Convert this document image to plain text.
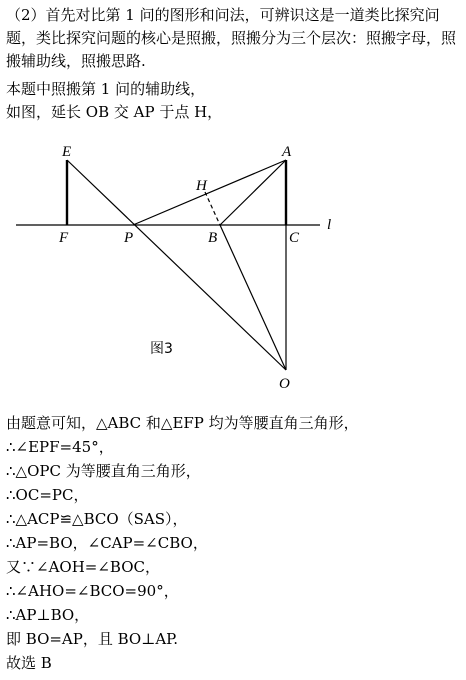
（2）首先对比第 1 问的图形和问法，可辨识这是一道类比探究问题，类比探究问题的核心是照搬，照搬分为三个层次：照搬字母，照搬辅助线，照搬思路.
本题中照搬第 1 问的辅助线，
如图，延长 OB 交 AP 于点 H，
E	A
H
l
F	P	B	C
O
图3
由题意可知，△ABC 和△EFP 均为等腰直角三角形，
∴∠EPF=45°，
∴△OPC 为等腰直角三角形，
∴OC=PC，
∴△ACP≌△BCO（SAS），
∴AP=BO，∠CAP=∠CBO，
又∵∠AOH=∠BOC，
∴∠AHO=∠BCO=90°，
∴AP⊥BO，
即 BO=AP，且 BO⊥AP.
故选 B
